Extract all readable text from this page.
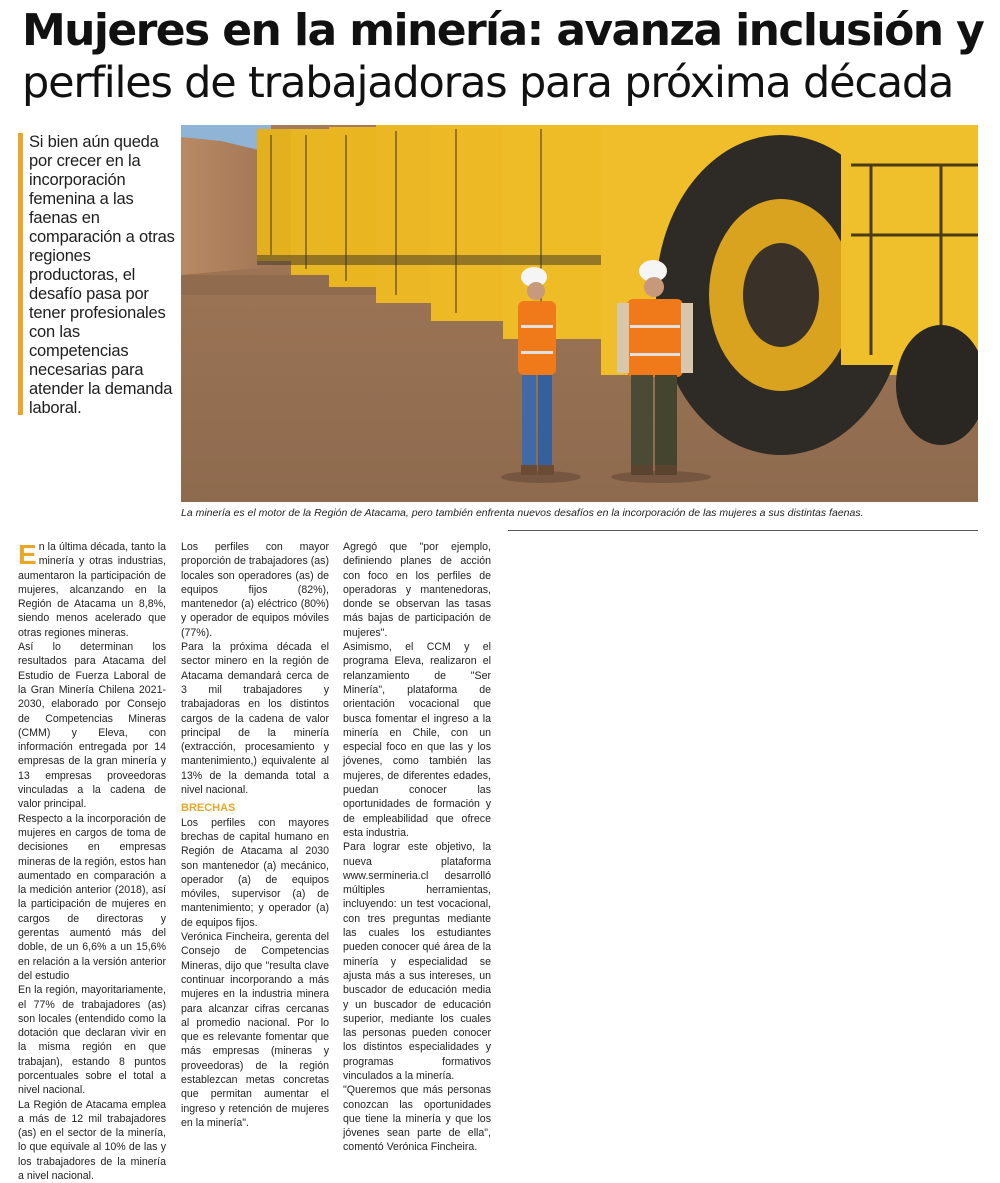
Mujeres en la minería: avanza inclusión y
perfiles de trabajadoras para próxima década

Si bien aún queda por crecer en la incorporación femenina a las faenas en comparación a otras regiones productoras, el desafío pasa por tener profesionales con las competencias necesarias para atender la demanda laboral.

La minería es el motor de la Región de Atacama, pero también enfrenta nuevos desafíos en la incorporación de las mujeres a sus distintas faenas.

En la última década, tanto la minería y otras industrias, aumentaron la participación de mujeres, alcanzando en la Región de Atacama un 8,8%, siendo menos acelerado que otras regiones mineras.

Así lo determinan los resultados para Atacama del Estudio de Fuerza Laboral de la Gran Minería Chilena 2021-2030, elaborado por Consejo de Competencias Mineras (CMM) y Eleva, con información entregada por 14 empresas de la gran minería y 13 empresas proveedoras vinculadas a la cadena de valor principal.

Respecto a la incorporación de mujeres en cargos de toma de decisiones en empresas mineras de la región, estos han aumentado en comparación a la medición anterior (2018), así la participación de mujeres en cargos de directoras y gerentas aumentó más del doble, de un 6,6% a un 15,6% en relación a la versión anterior del estudio

En la región, mayoritariamente, el 77% de trabajadores (as) son locales (entendido como la dotación que declaran vivir en la misma región en que trabajan), estando 8 puntos porcentuales sobre el total a nivel nacional.

La Región de Atacama emplea a más de 12 mil trabajadores (as) en el sector de la minería, lo que equivale al 10% de las y los trabajadores de la minería a nivel nacional.

Los perfiles con mayor proporción de trabajadores (as) locales son operadores (as) de equipos fijos (82%), mantenedor (a) eléctrico (80%) y operador de equipos móviles (77%).

Para la próxima década el sector minero en la región de Atacama demandará cerca de 3 mil trabajadores y trabajadoras en los distintos cargos de la cadena de valor principal de la minería (extracción, procesamiento y mantenimiento,) equivalente al 13% de la demanda total a nivel nacional.

BRECHAS

Los perfiles con mayores brechas de capital humano en Región de Atacama al 2030 son mantenedor (a) mecánico, operador (a) de equipos móviles, supervisor (a) de mantenimiento; y operador (a) de equipos fijos.

Verónica Fincheira, gerenta del Consejo de Competencias Mineras, dijo que "resulta clave continuar incorporando a más mujeres en la industria minera para alcanzar cifras cercanas al promedio nacional. Por lo que es relevante fomentar que más empresas (mineras y proveedoras) de la región establezcan metas concretas que permitan aumentar el ingreso y retención de mujeres en la minería".

Agregó que "por ejemplo, definiendo planes de acción con foco en los perfiles de operadoras y mantenedoras, donde se observan las tasas más bajas de participación de mujeres".

Asimismo, el CCM y el programa Eleva, realizaron el relanzamiento de "Ser Minería", plataforma de orientación vocacional que busca fomentar el ingreso a la minería en Chile, con un especial foco en que las y los jóvenes, como también las mujeres, de diferentes edades, puedan conocer las oportunidades de formación y de empleabilidad que ofrece esta industria.

Para lograr este objetivo, la nueva plataforma www.sermineria.cl desarrolló múltiples herramientas, incluyendo: un test vocacional, con tres preguntas mediante las cuales los estudiantes pueden conocer qué área de la minería y especialidad se ajusta más a sus intereses, un buscador de educación media y un buscador de educación superior, mediante los cuales las personas pueden conocer los distintos especialidades y programas formativos vinculados a la minería.

"Queremos que más personas conozcan las oportunidades que tiene la minería y que los jóvenes sean parte de ella", comentó Verónica Fincheira.
